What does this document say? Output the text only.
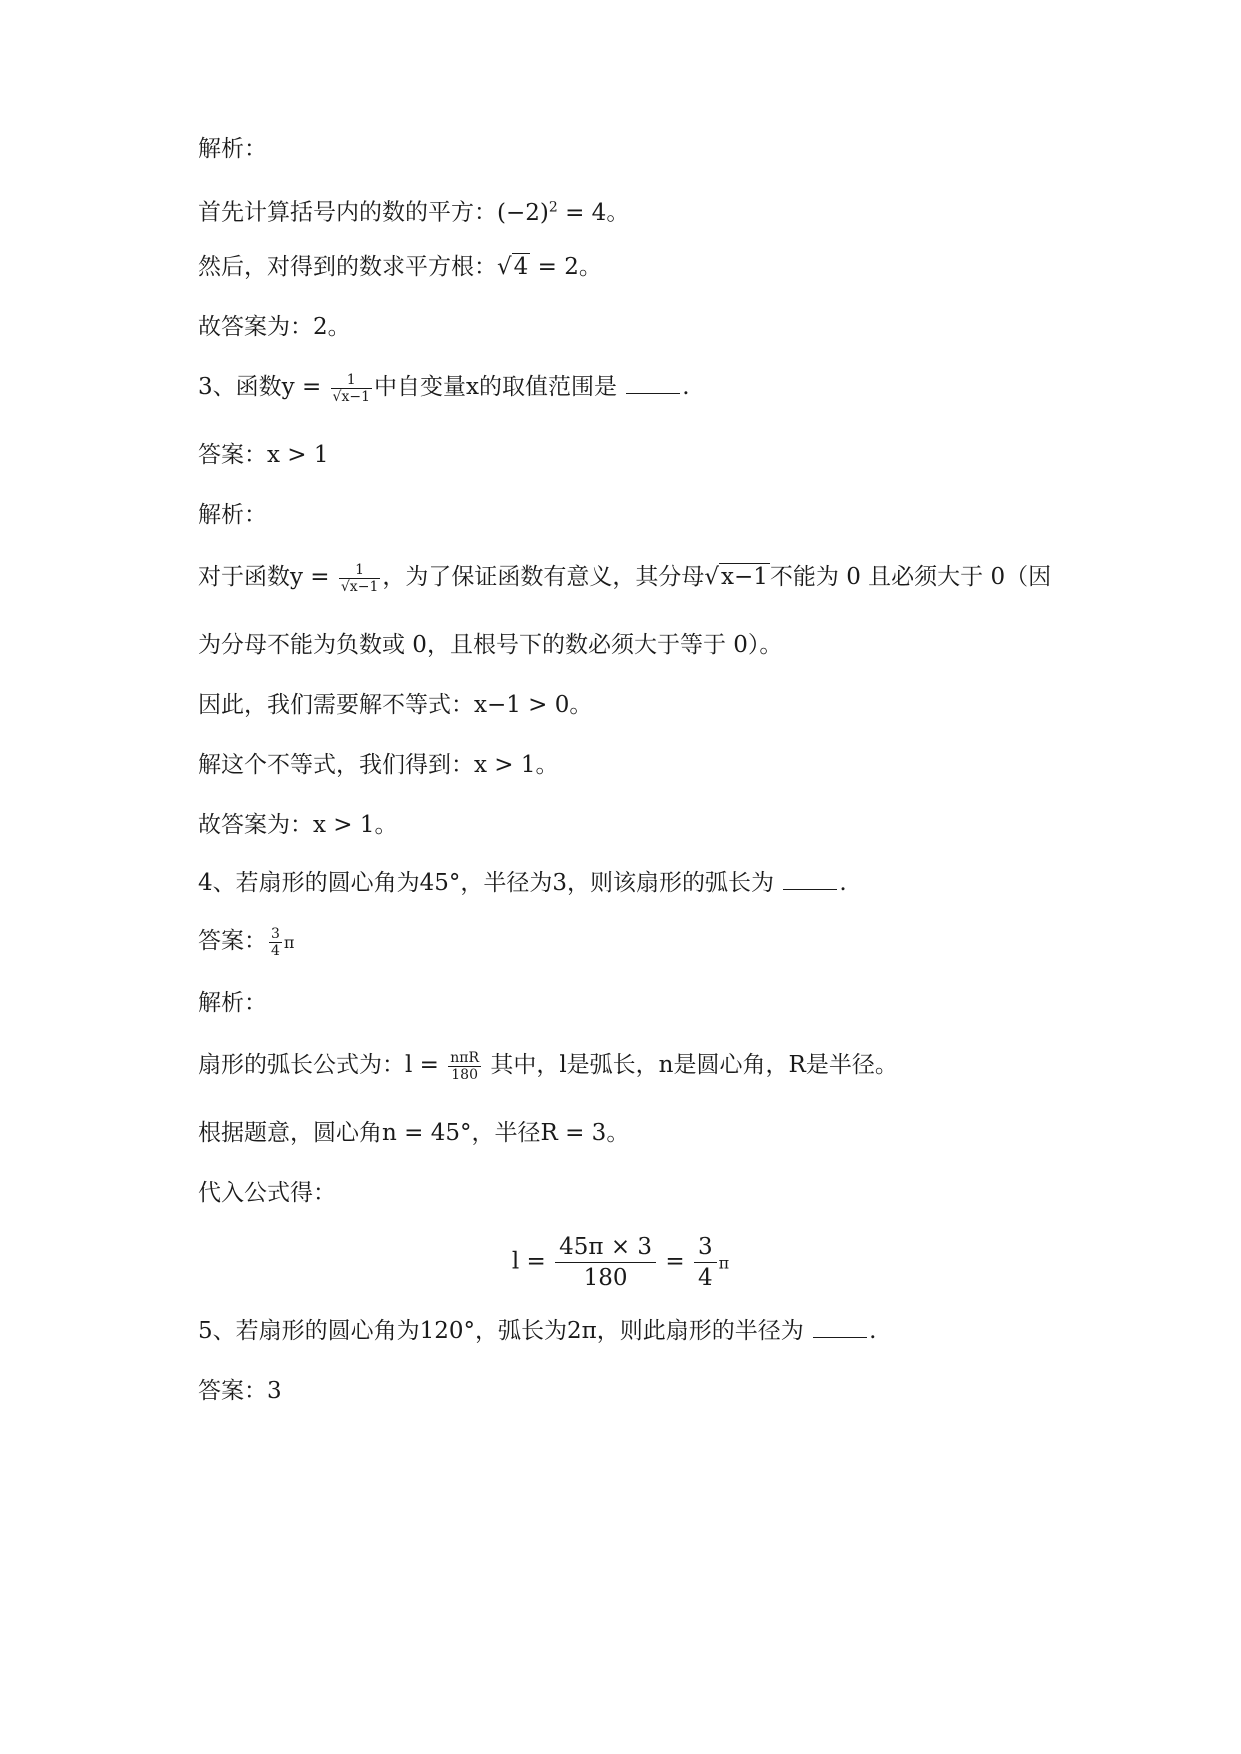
解析：
首先计算括号内的数的平方：$(-2)^2 = 4$。
然后，对得到的数求平方根：√4 = 2。
故答案为：2。
3、函数$y = \frac{1}{√x-1}$ 中自变量x的取值范围是	.
答案：x > 1
解析：
对于函数$y = \frac{1}{√x-1}$ ，为了保证函数有意义，其分母√x−1不能为 0 且必须大于 0（因
为分母不能为负数或 0，且根号下的数必须大于等于 0）。
因此，我们需要解不等式：x−1 > 0。
解这个不等式，我们得到：x > 1。
故答案为：x > 1。
4、若扇形的圆心角为45°，半径为3，则该扇形的弧长为	.
答案： $\frac{3}{4}$ π
解析：
扇形的弧长公式为：$l = \frac{\text{nπR}}{180}$ 其中，l是弧长，n是圆心角，R是半径。
根据题意，圆心角n = 45°，半径R = 3。
代入公式得：
$l = \frac{45\pi \times 3}{180} = \frac{3}{4}$ π
5、若扇形的圆心角为120°，弧长为2π，则此扇形的半径为	.
答案：3
